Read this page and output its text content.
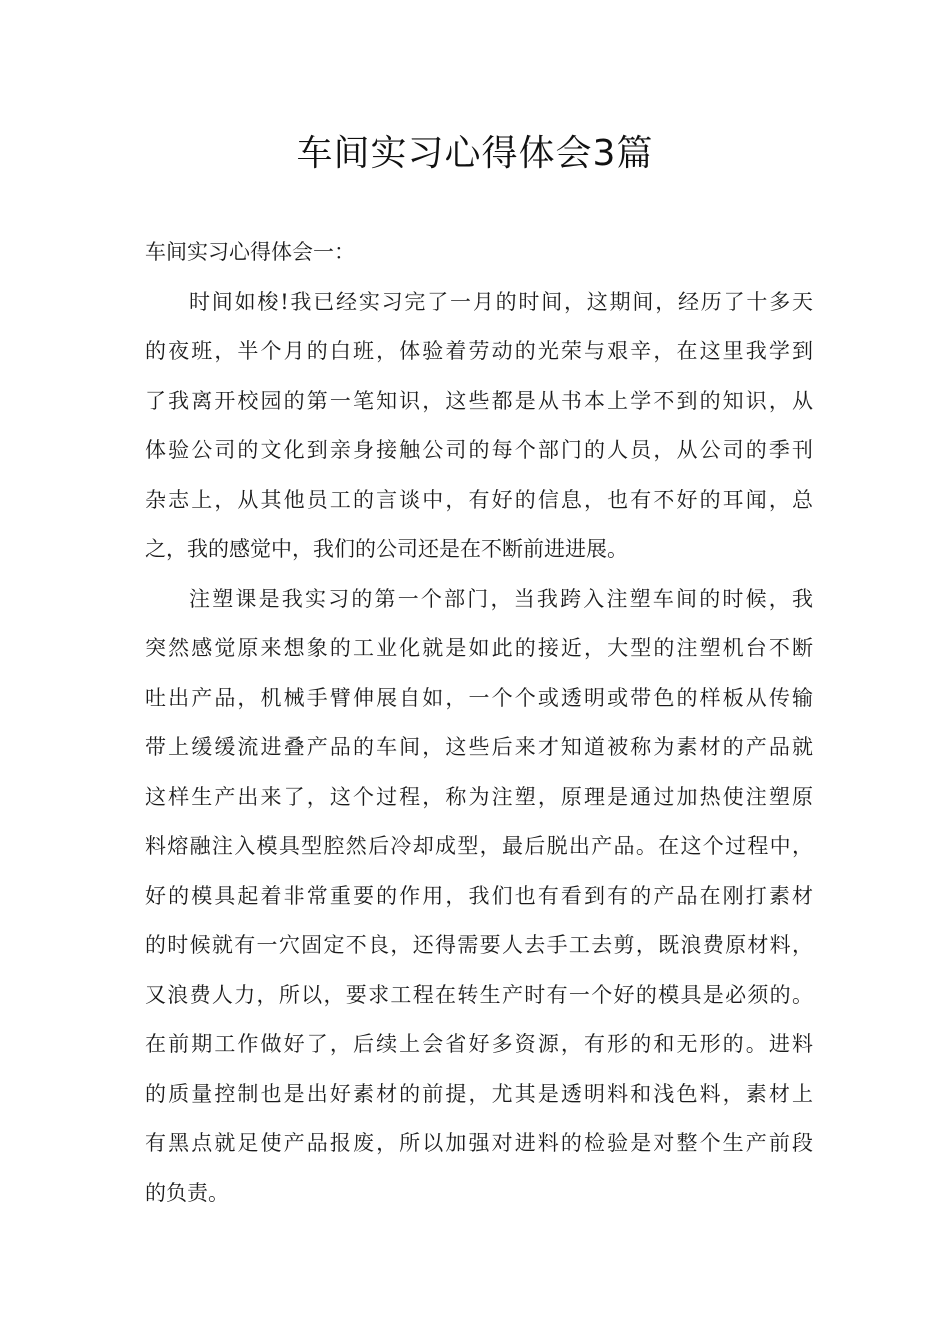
车间实习心得体会3篇
车间实习心得体会一：
时间如梭!我已经实习完了一月的时间，这期间，经历了十多天
的夜班，半个月的白班，体验着劳动的光荣与艰辛，在这里我学到
了我离开校园的第一笔知识，这些都是从书本上学不到的知识，从
体验公司的文化到亲身接触公司的每个部门的人员，从公司的季刊
杂志上，从其他员工的言谈中，有好的信息，也有不好的耳闻，总
之，我的感觉中，我们的公司还是在不断前进进展。
注塑课是我实习的第一个部门，当我跨入注塑车间的时候，我
突然感觉原来想象的工业化就是如此的接近，大型的注塑机台不断
吐出产品，机械手臂伸展自如，一个个或透明或带色的样板从传输
带上缓缓流进叠产品的车间，这些后来才知道被称为素材的产品就
这样生产出来了，这个过程，称为注塑，原理是通过加热使注塑原
料熔融注入模具型腔然后冷却成型，最后脱出产品。在这个过程中，
好的模具起着非常重要的作用，我们也有看到有的产品在刚打素材
的时候就有一穴固定不良，还得需要人去手工去剪，既浪费原材料，
又浪费人力，所以，要求工程在转生产时有一个好的模具是必须的。
在前期工作做好了，后续上会省好多资源，有形的和无形的。进料
的质量控制也是出好素材的前提，尤其是透明料和浅色料，素材上
有黑点就足使产品报废，所以加强对进料的检验是对整个生产前段
的负责。
